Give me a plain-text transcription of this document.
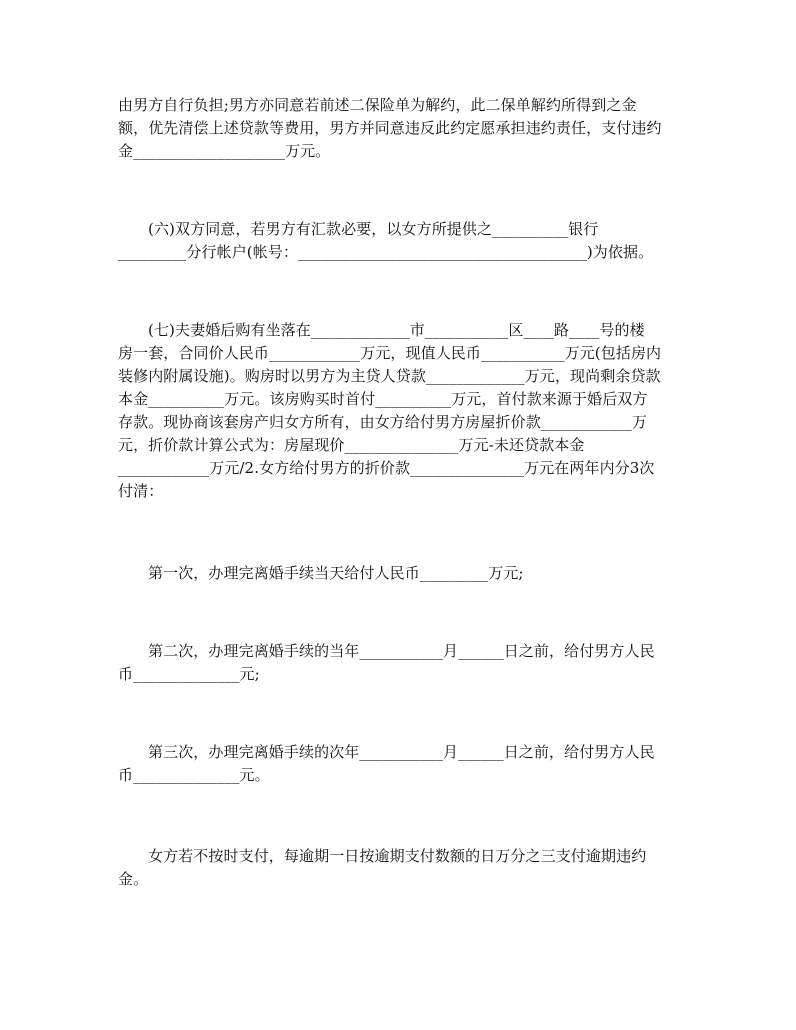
由男方自行负担;男方亦同意若前述二保险单为解约，此二保单解约所得到之金
额，优先清偿上述贷款等费用，男方并同意违反此约定愿承担违约责任，支付违约
金____________________万元。
(六)双方同意，若男方有汇款必要，以女方所提供之__________银行
_________分行帐户(帐号：______________________________________)为依据。
(七)夫妻婚后购有坐落在_____________市___________区____路____号的楼
房一套，合同价人民币____________万元，现值人民币___________万元(包括房内
装修内附属设施)。购房时以男方为主贷人贷款_____________万元，现尚剩余贷款
本金__________万元。该房购买时首付__________万元，首付款来源于婚后双方
存款。现协商该套房产归女方所有，由女方给付男方房屋折价款____________万
元，折价款计算公式为：房屋现价_______________万元-未还贷款本金
____________万元/2.女方给付男方的折价款_______________万元在两年内分3次
付清：
第一次，办理完离婚手续当天给付人民币_________万元;
第二次，办理完离婚手续的当年___________月______日之前，给付男方人民
币______________元;
第三次，办理完离婚手续的次年___________月______日之前，给付男方人民
币______________元。
女方若不按时支付，每逾期一日按逾期支付数额的日万分之三支付逾期违约
金。
